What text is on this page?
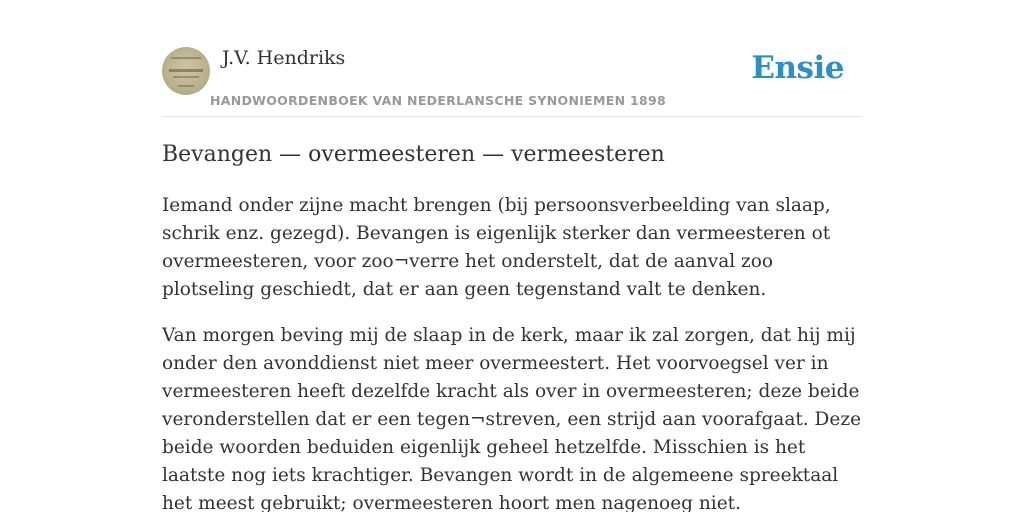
J.V. Hendriks
HANDWOORDENBOEK VAN NEDERLANSCHE SYNONIEMEN 1898
Ensie
Bevangen — overmeesteren — vermeesteren

Iemand onder zijne macht brengen (bij persoonsverbeelding van slaap, schrik enz. gezegd). Bevangen is eigenlijk sterker dan vermeesteren ot overmeesteren, voor zoo¬verre het onderstelt, dat de aanval zoo plotseling geschiedt, dat er aan geen tegenstand valt te denken.

Van morgen beving mij de slaap in de kerk, maar ik zal zorgen, dat hij mij onder den avonddienst niet meer overmeestert. Het voorvoegsel ver in vermeesteren heeft dezelfde kracht als over in overmeesteren; deze beide veronderstellen dat er een tegen¬streven, een strijd aan voorafgaat. Deze beide woorden beduiden eigenlijk geheel hetzelfde. Misschien is het laatste nog iets krachtiger. Bevangen wordt in de algemeene spreektaal het meest gebruikt; overmeesteren hoort men nagenoeg niet.
